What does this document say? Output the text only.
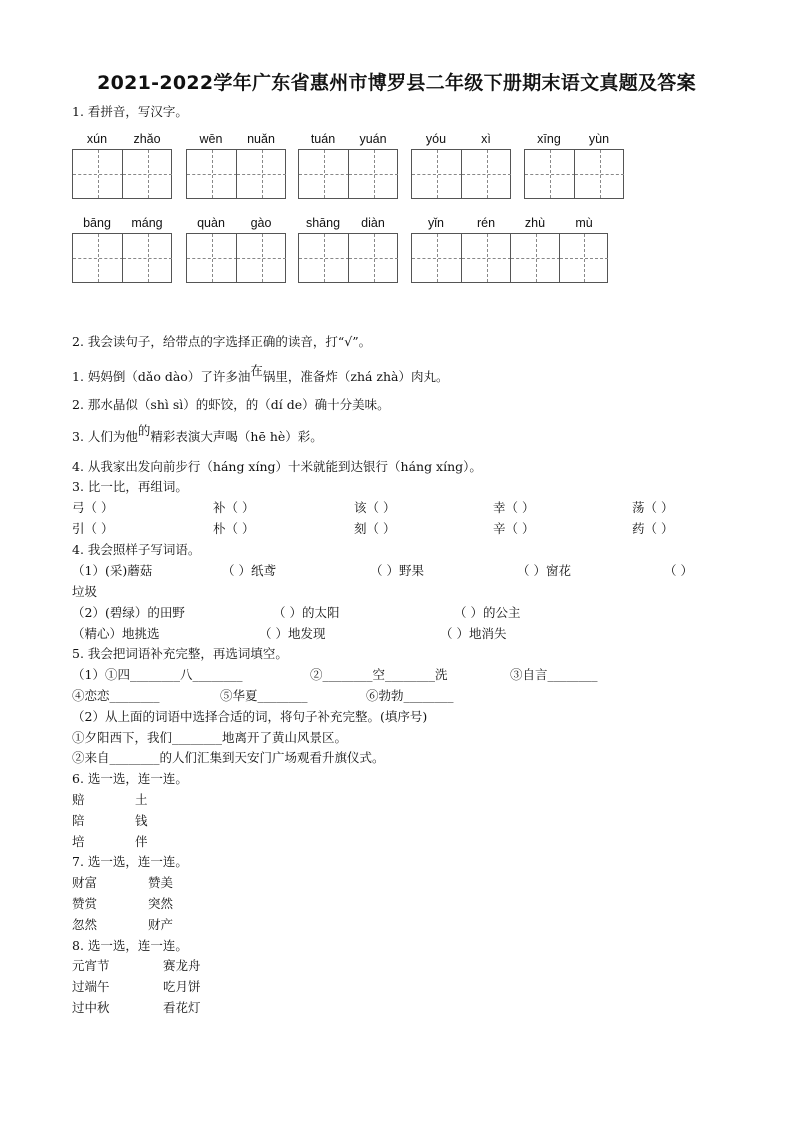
2021-2022学年广东省惠州市博罗县二年级下册期末语文真题及答案
1. 看拼音，写汉字。
xún	zhǎo	wēn	nuǎn	tuán	yuán	yóu	xì	xīng	yùn
bāng	máng	quàn	gào	shāng	diàn	yǐn	rén	zhù	mù
2. 我会读句子，给带点的字选择正确的读音，打“√”。
1. 妈妈倒（dǎo dào）了许多油在锅里，准备炸（zhá zhà）肉丸。
2. 那水晶似（shì sì）的虾饺，的（dí de）确十分美味。
3. 人们为他的精彩表演大声喝（hē hè）彩。
4. 从我家出发向前步行（háng xíng）十米就能到达银行（háng xíng）。
3. 比一比，再组词。
弓（ ）	补（ ）	该（ ）	幸（ ）	荡（ ）
引（ ）	朴（ ）	刻（ ）	辛（ ）	药（ ）
4. 我会照样子写词语。
（1）(采)蘑菇	（ ）纸鸢	（ ）野果	（ ）窗花	（ ）
垃圾
（2）(碧绿）的田野	（ ）的太阳	（ ）的公主
（精心）地挑选	（ ）地发现	（ ）地消失
5. 我会把词语补充完整，再选词填空。
（1）①四________八________	②________空________洗	③自言________
④恋恋________	⑤华夏________	⑥勃勃________
（2）从上面的词语中选择合适的词，将句子补充完整。(填序号)
①夕阳西下，我们________地离开了黄山风景区。
②来自________的人们汇集到天安门广场观看升旗仪式。
6. 选一选，连一连。
赔	土
陪	钱
培	伴
7. 选一选，连一连。
财富	赞美
赞赏	突然
忽然	财产
8. 选一选，连一连。
元宵节	赛龙舟
过端午	吃月饼
过中秋	看花灯
